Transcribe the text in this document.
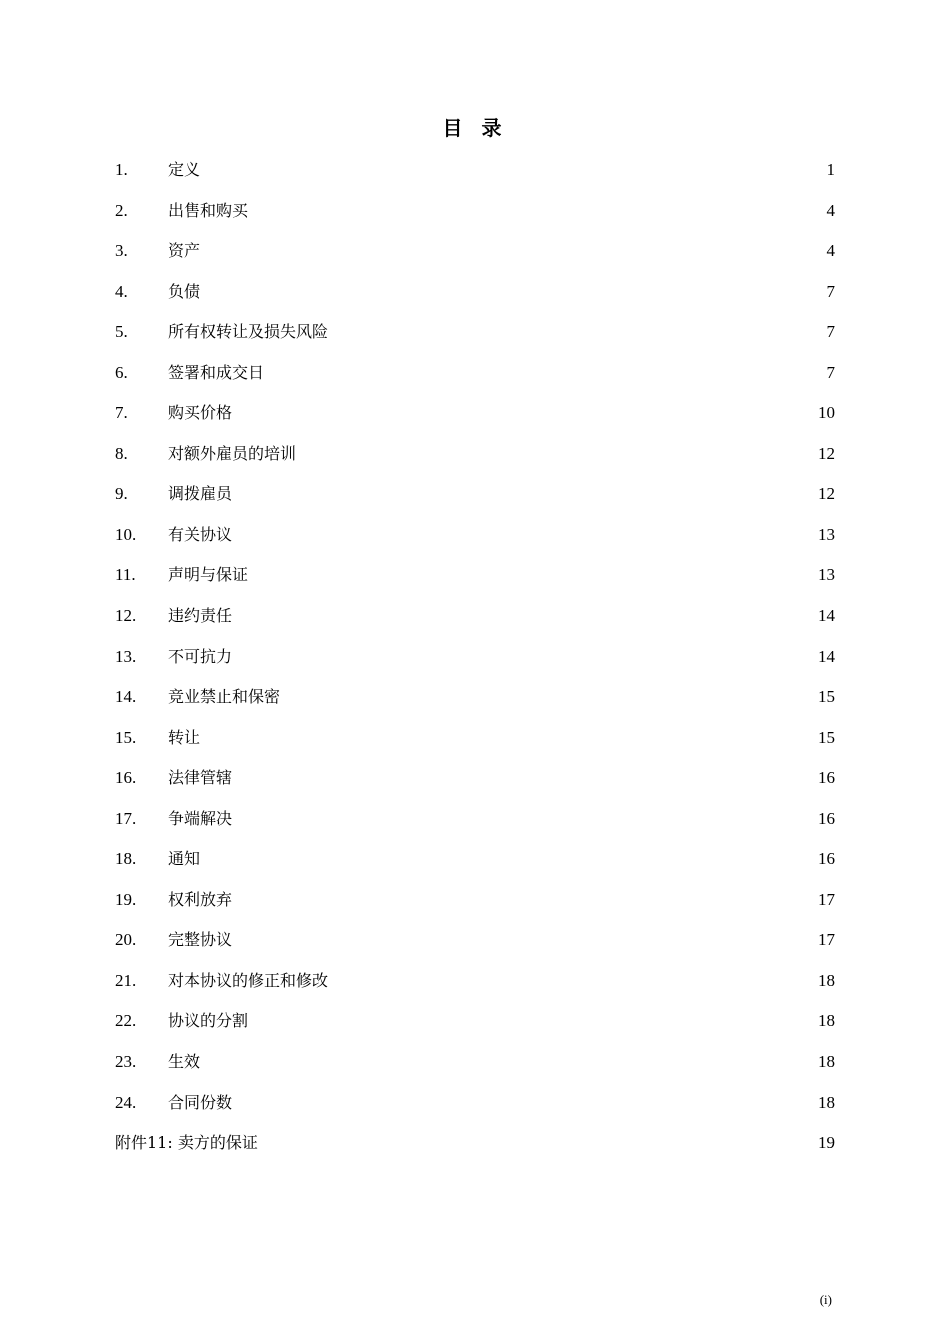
目 录
1.	定义	1
2.	出售和购买	4
3.	资产	4
4.	负债	7
5.	所有权转让及损失风险	7
6.	签署和成交日	7
7.	购买价格	10
8.	对额外雇员的培训	12
9.	调拨雇员	12
10. 有关协议	13
11. 声明与保证	13
12. 违约责任	14
13. 不可抗力	14
14. 竞业禁止和保密	15
15. 转让	15
16. 法律管辖	16
17. 争端解决	16
18. 通知	16
19. 权利放弃	17
20. 完整协议	17
21. 对本协议的修正和修改	18
22. 协议的分割	18
23. 生效	18
24. 合同份数	18
附件11: 卖方的保证	19
(i)
